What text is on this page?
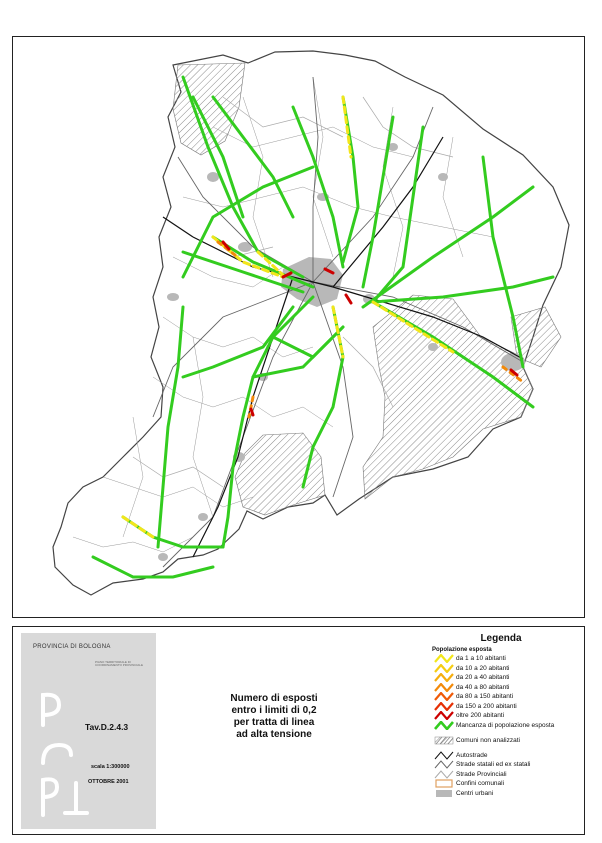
PROVINCIA DI BOLOGNA
PIANO TERRITORIALE DI COORDINAMENTO PROVINCIALE
Tav.D.2.4.3
scala 1:300000
OTTOBRE 2001
Numero di esposti
entro i limiti di 0,2
per tratta di linea
ad alta tensione
Legenda
Popolazione esposta
da 1 a 10 abitanti
da 10 a 20 abitanti
da 20 a 40 abitanti
da 40 a 80 abitanti
da 80 a 150 abitanti
da 150 a 200 abitanti
oltre 200 abitanti
Mancanza di popolazione esposta
Comuni non analizzati
Autostrade
Strade statali ed ex statali
Strade Provinciali
Confini comunali
Centri urbani
